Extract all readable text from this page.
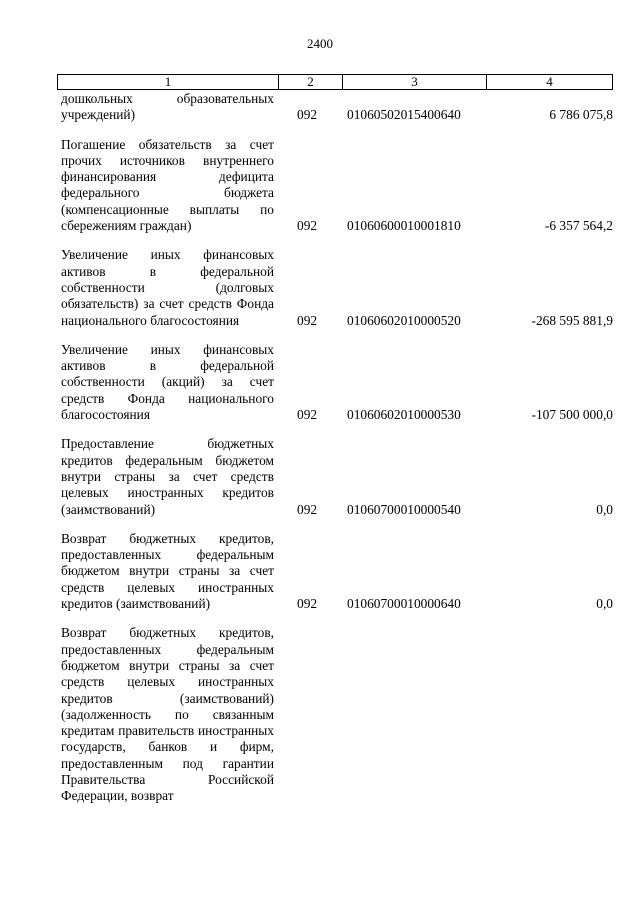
2400
1	2	3	4
дошкольных образовательных учреждений)	092 01060502015400640	6 786 075,8
Погашение обязательств за счет прочих источников внутреннего финансирования дефицита федерального бюджета (компенсационные выплаты по сбережениям граждан)	092 01060600010001810	-6 357 564,2
Увеличение иных финансовых активов в федеральной собственности (долговых обязательств) за счет средств Фонда национального благосостояния	092 01060602010000520	-268 595 881,9
Увеличение иных финансовых активов в федеральной собственности (акций) за счет средств Фонда национального благосостояния	092 01060602010000530	-107 500 000,0
Предоставление бюджетных кредитов федеральным бюджетом внутри страны за счет средств целевых иностранных кредитов (заимствований)	092 01060700010000540	0,0
Возврат бюджетных кредитов, предоставленных федеральным бюджетом внутри страны за счет средств целевых иностранных кредитов (заимствований)	092 01060700010000640	0,0
Возврат бюджетных кредитов, предоставленных федеральным бюджетом внутри страны за счет средств целевых иностранных кредитов (заимствований) (задолженность по связанным кредитам правительств иностранных государств, банков и фирм, предоставленным под гарантии Правительства Российской Федерации, возврат
